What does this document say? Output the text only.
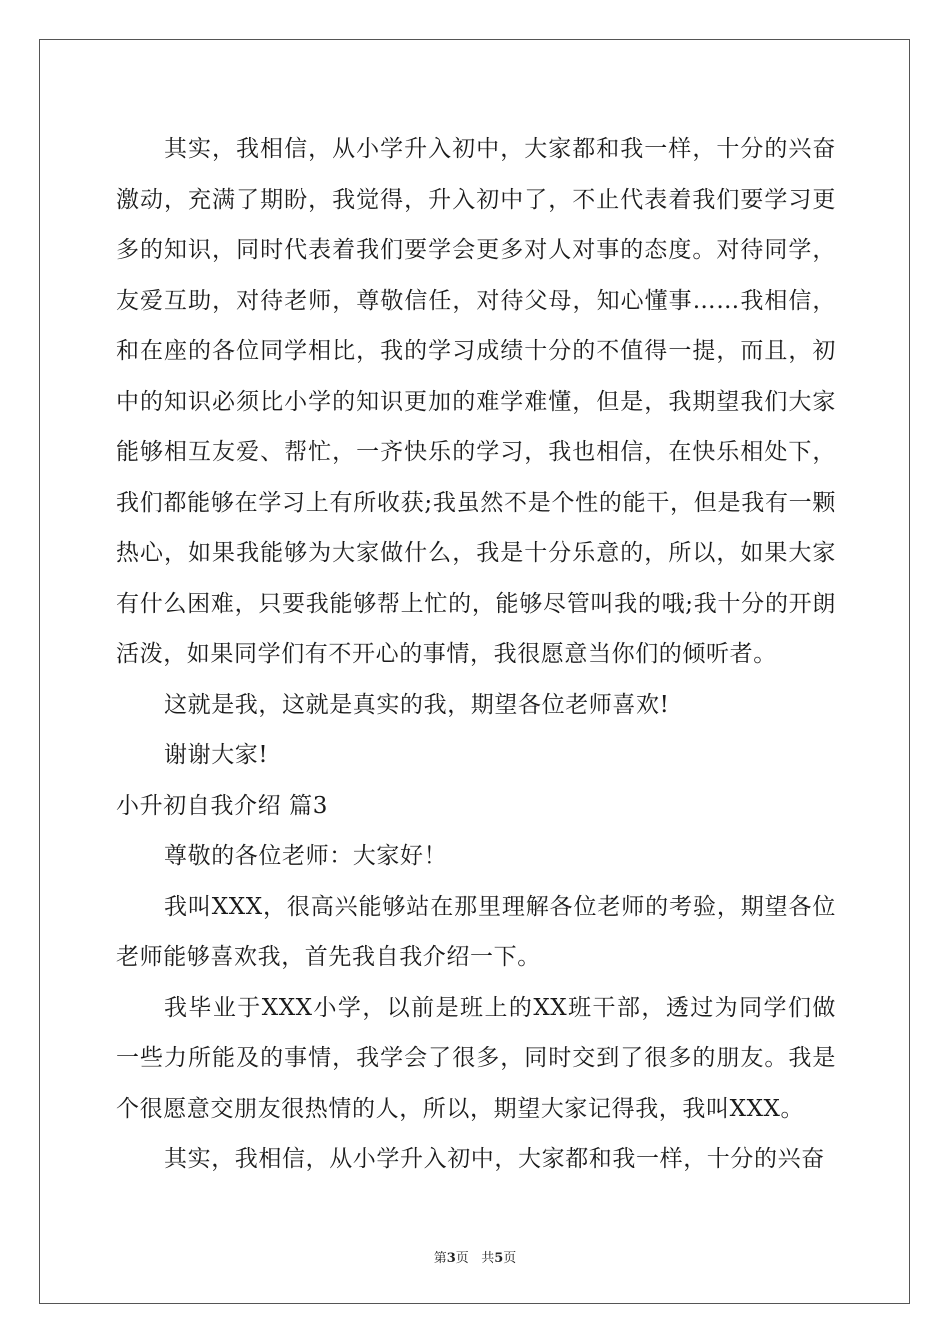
其实，我相信，从小学升入初中，大家都和我一样，十分的兴奋激动，充满了期盼，我觉得，升入初中了，不止代表着我们要学习更多的知识，同时代表着我们要学会更多对人对事的态度。对待同学，友爱互助，对待老师，尊敬信任，对待父母，知心懂事……我相信，和在座的各位同学相比，我的学习成绩十分的不值得一提，而且，初中的知识必须比小学的知识更加的难学难懂，但是，我期望我们大家能够相互友爱、帮忙，一齐快乐的学习，我也相信，在快乐相处下，我们都能够在学习上有所收获;我虽然不是个性的能干，但是我有一颗热心，如果我能够为大家做什么，我是十分乐意的，所以，如果大家有什么困难，只要我能够帮上忙的，能够尽管叫我的哦;我十分的开朗活泼，如果同学们有不开心的事情，我很愿意当你们的倾听者。

这就是我，这就是真实的我，期望各位老师喜欢!

谢谢大家!

小升初自我介绍 篇3

尊敬的各位老师：大家好！

我叫XXX，很高兴能够站在那里理解各位老师的考验，期望各位老师能够喜欢我，首先我自我介绍一下。

我毕业于XXX小学，以前是班上的XX班干部，透过为同学们做一些力所能及的事情，我学会了很多，同时交到了很多的朋友。我是个很愿意交朋友很热情的人，所以，期望大家记得我，我叫XXX。

其实，我相信，从小学升入初中，大家都和我一样，十分的兴奋

第3页 共5页
